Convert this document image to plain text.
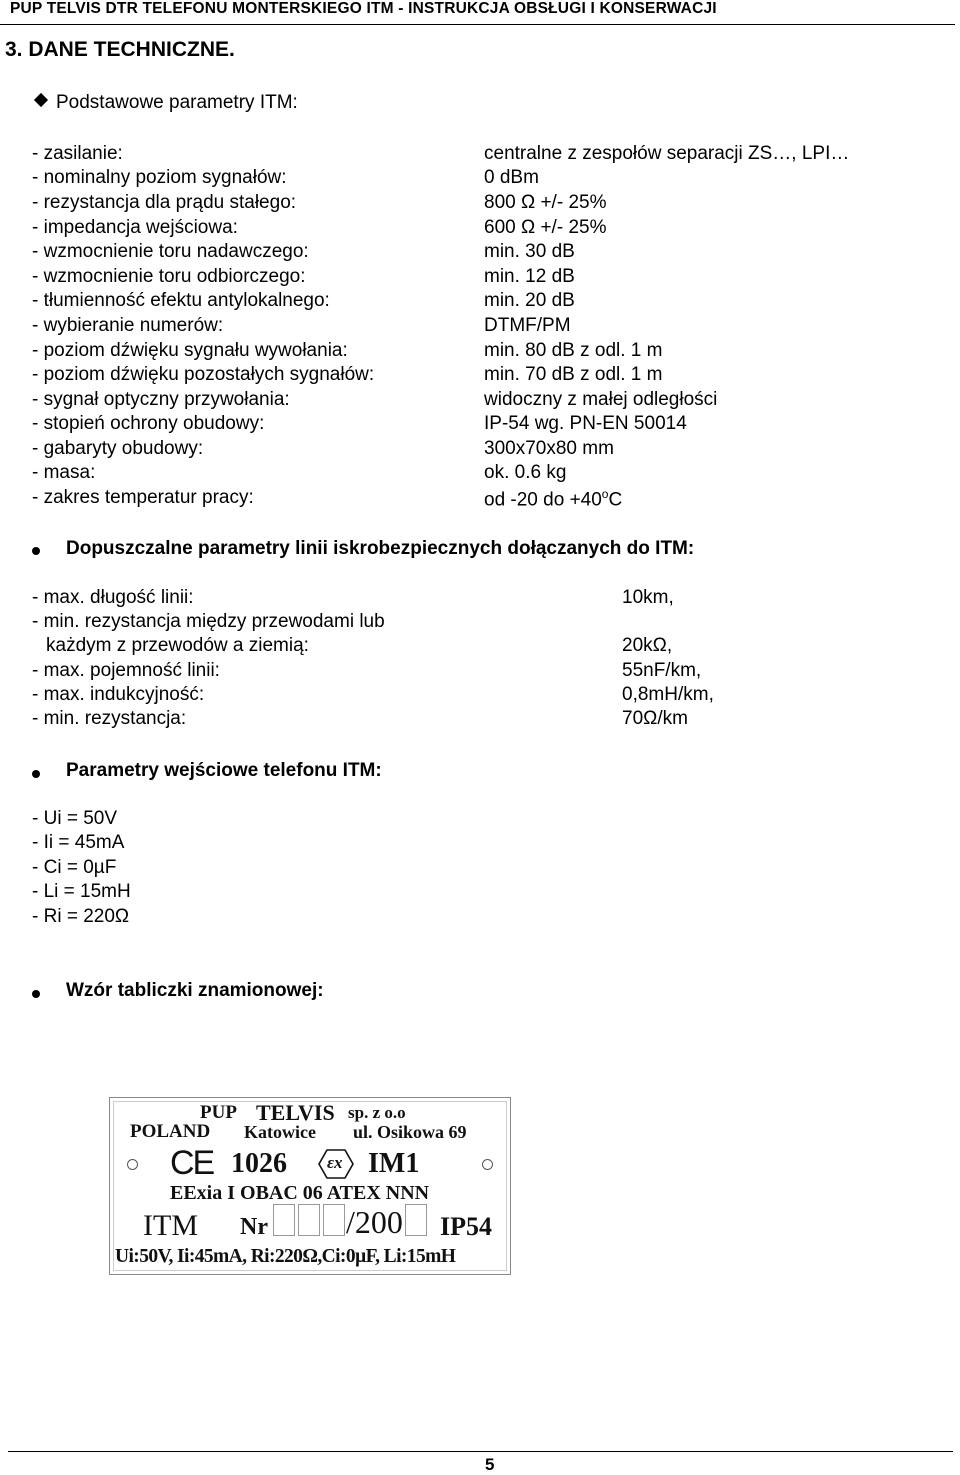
PUP TELVIS DTR TELEFONU MONTERSKIEGO ITM - INSTRUKCJA OBSŁUGI I KONSERWACJI
3. DANE TECHNICZNE.
Podstawowe parametry ITM:
- zasilanie:	centralne z zespołów separacji ZS…, LPI…
- nominalny poziom sygnałów:	0 dBm
- rezystancja dla prądu stałego:	800 Ω +/- 25%
- impedancja wejściowa:	600 Ω +/- 25%
- wzmocnienie toru nadawczego:	min. 30 dB
- wzmocnienie toru odbiorczego:	min. 12 dB
- tłumienność efektu antylokalnego:	min. 20 dB
- wybieranie numerów:	DTMF/PM
- poziom dźwięku sygnału wywołania:	min. 80 dB z odl. 1 m
- poziom dźwięku pozostałych sygnałów:	min. 70 dB z odl. 1 m
- sygnał optyczny przywołania:	widoczny z małej odległości
- stopień ochrony obudowy:	IP-54 wg. PN-EN 50014
- gabaryty obudowy:	300x70x80 mm
- masa:	ok. 0.6 kg
- zakres temperatur pracy:	od -20 do $+40^oC$
Dopuszczalne parametry linii iskrobezpiecznych dołączanych do ITM:
- max. długość linii:	10km,
- min. rezystancja między przewodami lub
każdym z przewodów a ziemią:	20kΩ,
- max. pojemność linii:	55nF/km,
- max. indukcyjność:	0,8mH/km,
- min. rezystancja:	70Ω/km
Parametry wejściowe telefonu ITM:
- Ui = 50V
- Ii = 45mA
- Ci = 0µF
- Li = 15mH
- Ri = 220Ω
Wzór tabliczki znamionowej:
PUP TELVIS sp. z o.o
POLAND Katowice ul. Osikowa 69
CE 1026 εx IM1
EExia I OBAC 06 ATEX NNN
ITM Nr /200 IP54
Ui:50V, Ii:45mA, Ri:220Ω,Ci:0µF, Li:15mH
5
